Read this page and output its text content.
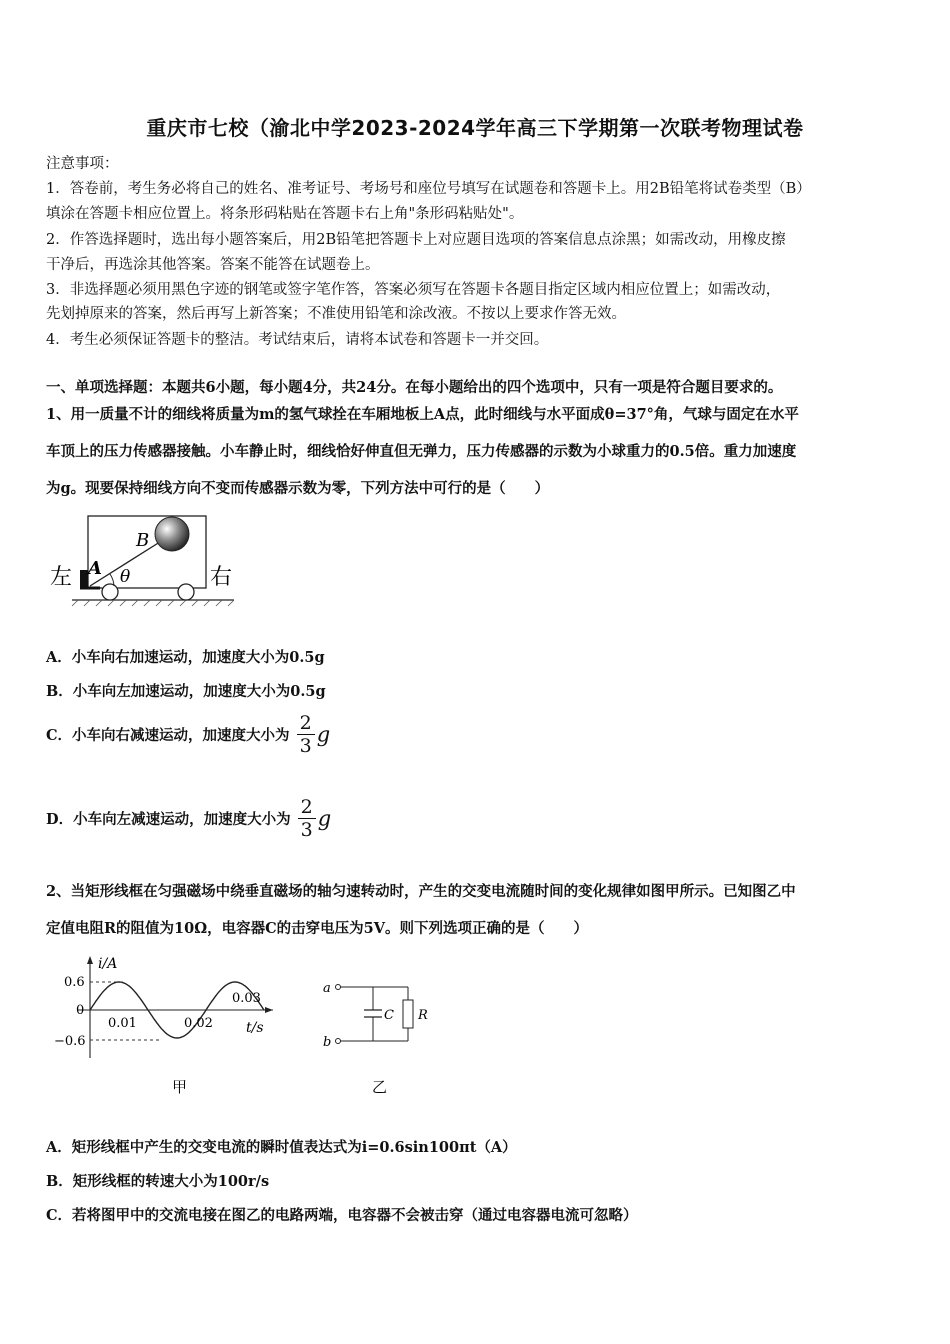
重庆市七校（渝北中学2023-2024学年高三下学期第一次联考物理试卷
注意事项：
1．答卷前，考生务必将自己的姓名、准考证号、考场号和座位号填写在试题卷和答题卡上。用2B铅笔将试卷类型（B）
填涂在答题卡相应位置上。将条形码粘贴在答题卡右上角"条形码粘贴处"。
2．作答选择题时，选出每小题答案后，用2B铅笔把答题卡上对应题目选项的答案信息点涂黑；如需改动，用橡皮擦
干净后，再选涂其他答案。答案不能答在试题卷上。
3．非选择题必须用黑色字迹的钢笔或签字笔作答，答案必须写在答题卡各题目指定区域内相应位置上；如需改动，
先划掉原来的答案，然后再写上新答案；不准使用铅笔和涂改液。不按以上要求作答无效。
4．考生必须保证答题卡的整洁。考试结束后，请将本试卷和答题卡一并交回。
一、单项选择题：本题共6小题，每小题4分，共24分。在每小题给出的四个选项中，只有一项是符合题目要求的。
1、用一质量不计的细线将质量为m的氢气球拴在车厢地板上A点，此时细线与水平面成θ=37°角，气球与固定在水平
车顶上的压力传感器接触。小车静止时，细线恰好伸直但无弹力，压力传感器的示数为小球重力的0.5倍。重力加速度
为g。现要保持细线方向不变而传感器示数为零，下列方法中可行的是（　　）
左	右
A
B
θ
A．小车向右加速运动，加速度大小为0.5g
B．小车向左加速运动，加速度大小为0.5g
C．小车向右减速运动，加速度大小为 $\frac{2}{3}$ g
D．小车向左减速运动，加速度大小为 $\frac{2}{3}$ g
2、当矩形线框在匀强磁场中绕垂直磁场的轴匀速转动时，产生的交变电流随时间的变化规律如图甲所示。已知图乙中
定值电阻R的阻值为10Ω，电容器C的击穿电压为5V。则下列选项正确的是（　　）
i/A
t/s
0.6
0
−0.6
0.01	0.02
0.03
甲
a
b
C R
乙
A．矩形线框中产生的交变电流的瞬时值表达式为i=0.6sin100πt（A）
B．矩形线框的转速大小为100r/s
C．若将图甲中的交流电接在图乙的电路两端，电容器不会被击穿（通过电容器电流可忽略）
